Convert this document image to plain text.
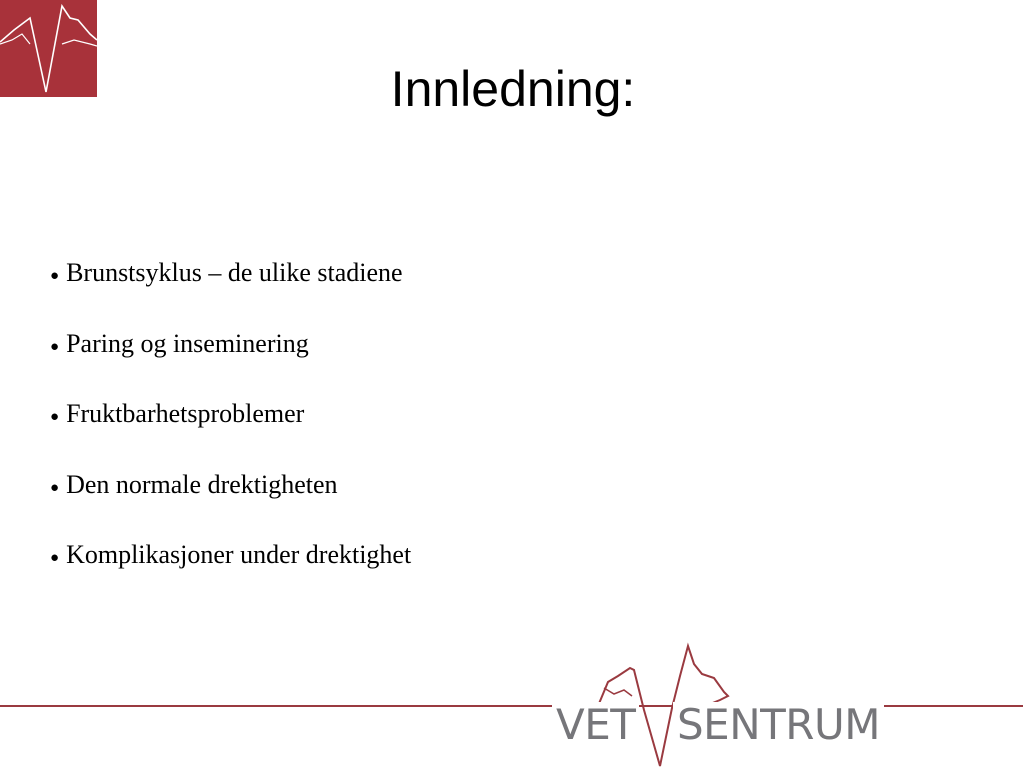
Innledning:
● Brunstsyklus – de ulike stadiene
● Paring og inseminering
● Fruktbarhetsproblemer
● Den normale drektigheten
● Komplikasjoner under drektighet
VET SENTRUM
